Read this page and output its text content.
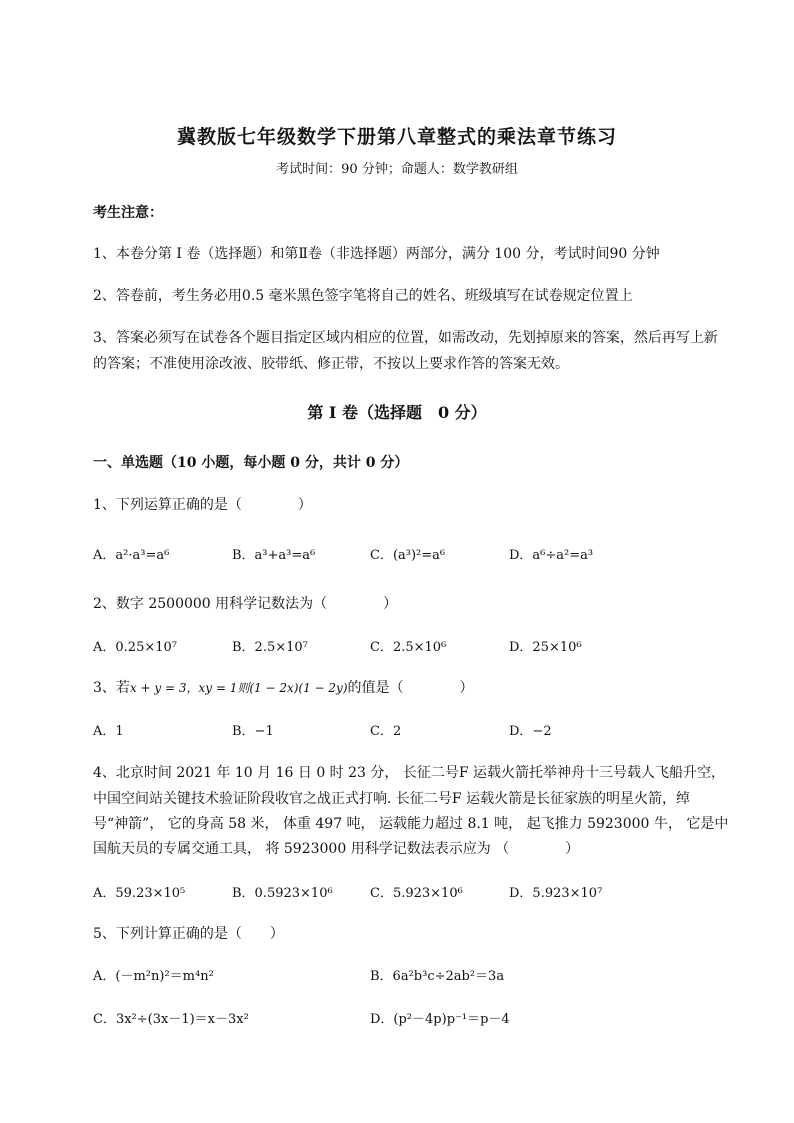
冀教版七年级数学下册第八章整式的乘法章节练习
考试时间：90 分钟；命题人：数学教研组
考生注意：
1、本卷分第 I 卷（选择题）和第Ⅱ卷（非选择题）两部分，满分 100 分，考试时间90 分钟
2、答卷前，考生务必用0.5 毫米黑色签字笔将自己的姓名、班级填写在试卷规定位置上
3、答案必须写在试卷各个题目指定区域内相应的位置，如需改动，先划掉原来的答案，然后再写上新
的答案；不准使用涂改液、胶带纸、修正带，不按以上要求作答的答案无效。
第 I 卷（选择题　0 分）
一、单选题（10 小题，每小题 0 分，共计 0 分）
1、下列运算正确的是（　　　　）
A．a²·a³=a⁶	B．a³+a³=a⁶	C．(a³)²=a⁶	D．a⁶÷a²=a³
2、数字 2500000 用科学记数法为（　　　　）
A．0.25×10⁷	B．2.5×10⁷	C．2.5×10⁶	D．25×10⁶
3、若x + y = 3，xy = 1则(1 − 2x)(1 − 2y)的值是（　　　　）
A．1	B．−1	C．2	D．−2
4、北京时间 2021 年 10 月 16 日 0 时 23 分， 长征二号F 运载火箭托举神舟十三号载人飞船升空，
中国空间站关键技术验证阶段收官之战正式打响. 长征二号F 运载火箭是长征家族的明星火箭，绰
号“神箭”， 它的身高 58 米， 体重 497 吨， 运载能力超过 8.1 吨， 起飞推力 5923000 牛， 它是中
国航天员的专属交通工具， 将 5923000 用科学记数法表示应为 （　　　　）
A．59.23×10⁵	B．0.5923×10⁶	C．5.923×10⁶	D．5.923×10⁷
5、下列计算正确的是（　　）
A．(－m²n)²＝m⁴n²	B．6a²b³c÷2ab²＝3a
C．3x²÷(3x－1)＝x－3x²	D．(p²－4p)p⁻¹＝p－4
